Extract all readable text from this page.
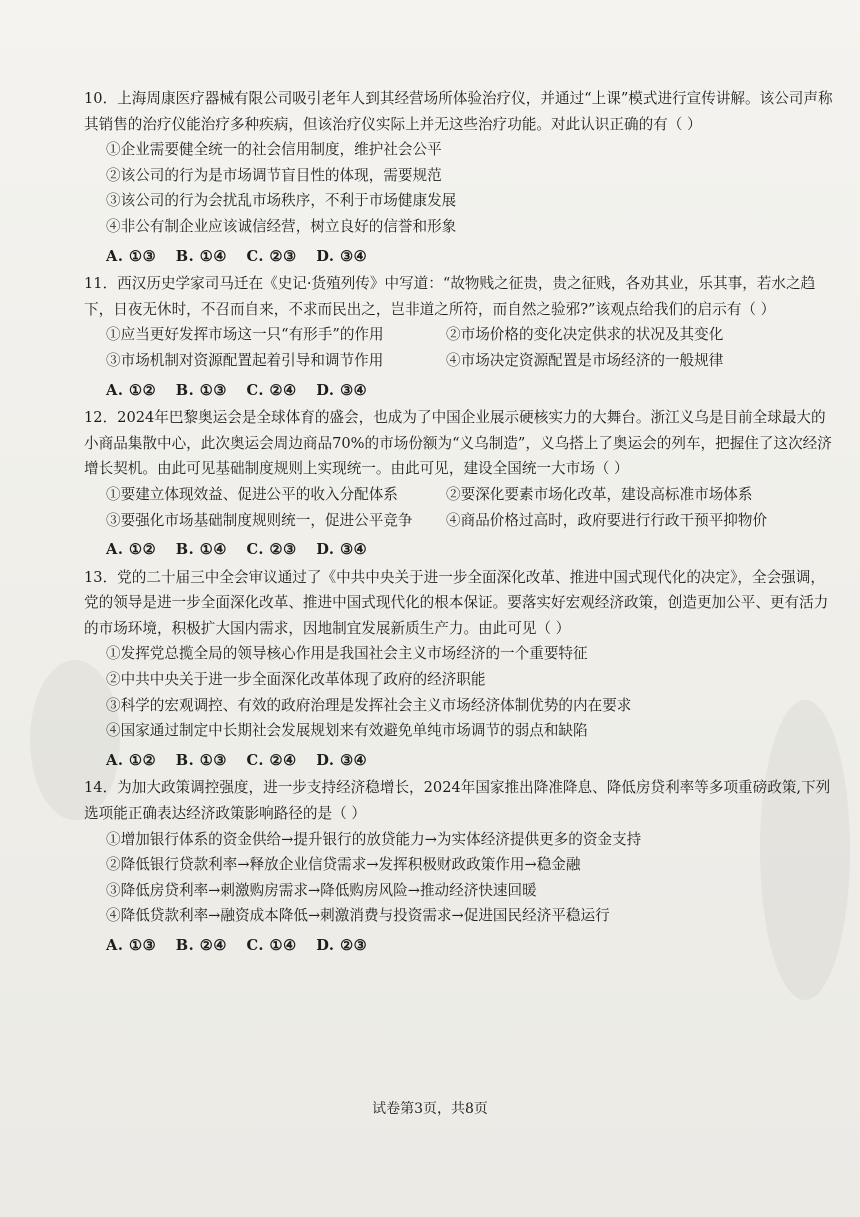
10．上海周康医疗器械有限公司吸引老年人到其经营场所体验治疗仪，并通过“上课”模式进行宣传讲解。该公司声称其销售的治疗仪能治疗多种疾病，但该治疗仪实际上并无这些治疗功能。对此认识正确的有（ ）

①企业需要健全统一的社会信用制度，维护社会公平

②该公司的行为是市场调节盲目性的体现，需要规范

③该公司的行为会扰乱市场秩序，不利于市场健康发展

④非公有制企业应该诚信经营，树立良好的信誉和形象

A. ①③ B. ①④ C. ②③ D. ③④

11．西汉历史学家司马迁在《史记·货殖列传》中写道：“故物贱之征贵，贵之征贱，各劝其业，乐其事，若水之趋下，日夜无休时，不召而自来，不求而民出之，岂非道之所符，而自然之验邪?”该观点给我们的启示有（ ）

①应当更好发挥市场这一只“有形手”的作用	②市场价格的变化决定供求的状况及其变化

③市场机制对资源配置起着引导和调节作用	④市场决定资源配置是市场经济的一般规律

A. ①② B. ①③ C. ②④ D. ③④

12．2024年巴黎奥运会是全球体育的盛会，也成为了中国企业展示硬核实力的大舞台。浙江义乌是目前全球最大的小商品集散中心，此次奥运会周边商品70%的市场份额为“义乌制造”，义乌搭上了奥运会的列车，把握住了这次经济增长契机。由此可见基础制度规则上实现统一。由此可见，建设全国统一大市场（ ）

①要建立体现效益、促进公平的收入分配体系	②要深化要素市场化改革，建设高标准市场体系

③要强化市场基础制度规则统一，促进公平竞争	④商品价格过高时，政府要进行行政干预平抑物价

A. ①② B. ①④ C. ②③ D. ③④

13．党的二十届三中全会审议通过了《中共中央关于进一步全面深化改革、推进中国式现代化的决定》，全会强调，党的领导是进一步全面深化改革、推进中国式现代化的根本保证。要落实好宏观经济政策，创造更加公平、更有活力的市场环境，积极扩大国内需求，因地制宜发展新质生产力。由此可见（ ）

①发挥党总揽全局的领导核心作用是我国社会主义市场经济的一个重要特征

②中共中央关于进一步全面深化改革体现了政府的经济职能

③科学的宏观调控、有效的政府治理是发挥社会主义市场经济体制优势的内在要求

④国家通过制定中长期社会发展规划来有效避免单纯市场调节的弱点和缺陷

A. ①② B. ①③ C. ②④ D. ③④

14．为加大政策调控强度，进一步支持经济稳增长，2024年国家推出降准降息、降低房贷利率等多项重磅政策,下列选项能正确表达经济政策影响路径的是（ ）

①增加银行体系的资金供给→提升银行的放贷能力→为实体经济提供更多的资金支持

②降低银行贷款利率→释放企业信贷需求→发挥积极财政政策作用→稳金融

③降低房贷利率→刺激购房需求→降低购房风险→推动经济快速回暖

④降低贷款利率→融资成本降低→刺激消费与投资需求→促进国民经济平稳运行

A. ①③ B. ②④ C. ①④ D. ②③
试卷第3页，共8页
